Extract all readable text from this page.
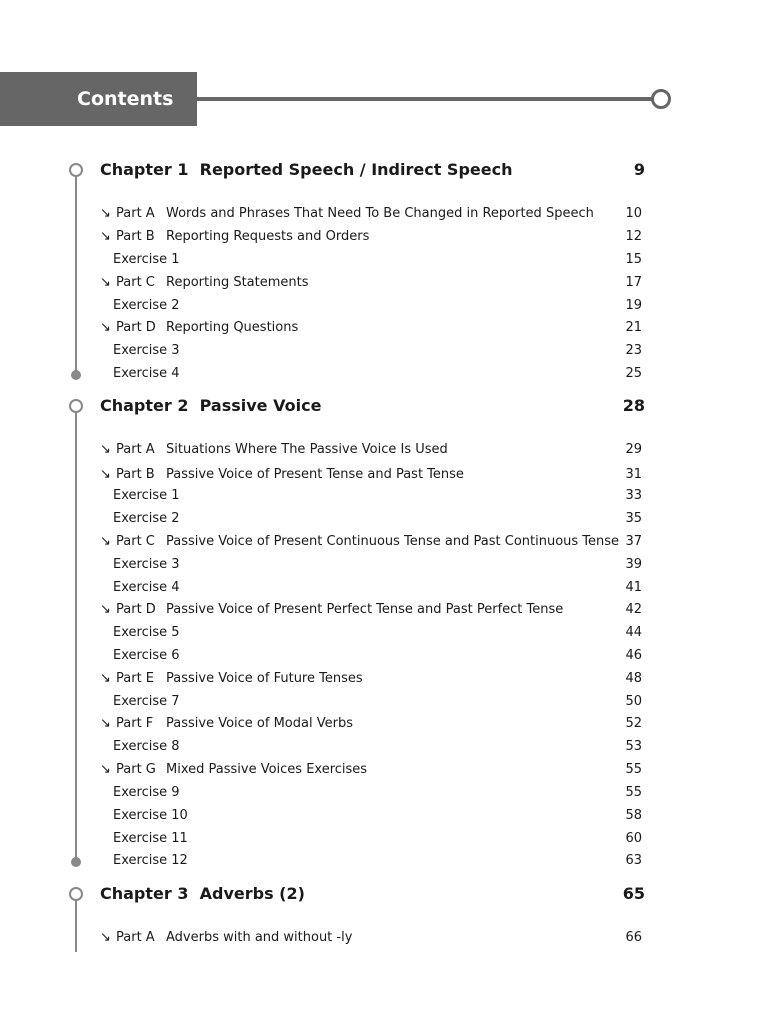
Contents
Chapter 1 Reported Speech / Indirect Speech	9
↘ Part A Words and Phrases That Need To Be Changed in Reported Speech 10
↘ Part B Reporting Requests and Orders	12
Exercise 1	15
↘ Part C Reporting Statements	17
Exercise 2	19
↘ Part D Reporting Questions	21
Exercise 3	23
Exercise 4	25
Chapter 2 Passive Voice	28
↘ Part A Situations Where The Passive Voice Is Used	29
↘ Part B Passive Voice of Present Tense and Past Tense	31
Exercise 1	33
Exercise 2	35
↘ Part C Passive Voice of Present Continuous Tense and Past Continuous Tense 37
Exercise 3	39
Exercise 4	41
↘ Part D Passive Voice of Present Perfect Tense and Past Perfect Tense	42
Exercise 5	44
Exercise 6	46
↘ Part E Passive Voice of Future Tenses	48
Exercise 7	50
↘ Part F Passive Voice of Modal Verbs	52
Exercise 8	53
↘ Part G Mixed Passive Voices Exercises	55
Exercise 9	55
Exercise 10	58
Exercise 11	60
Exercise 12	63
Chapter 3 Adverbs (2)	65
↘ Part A Adverbs with and without -ly	66
